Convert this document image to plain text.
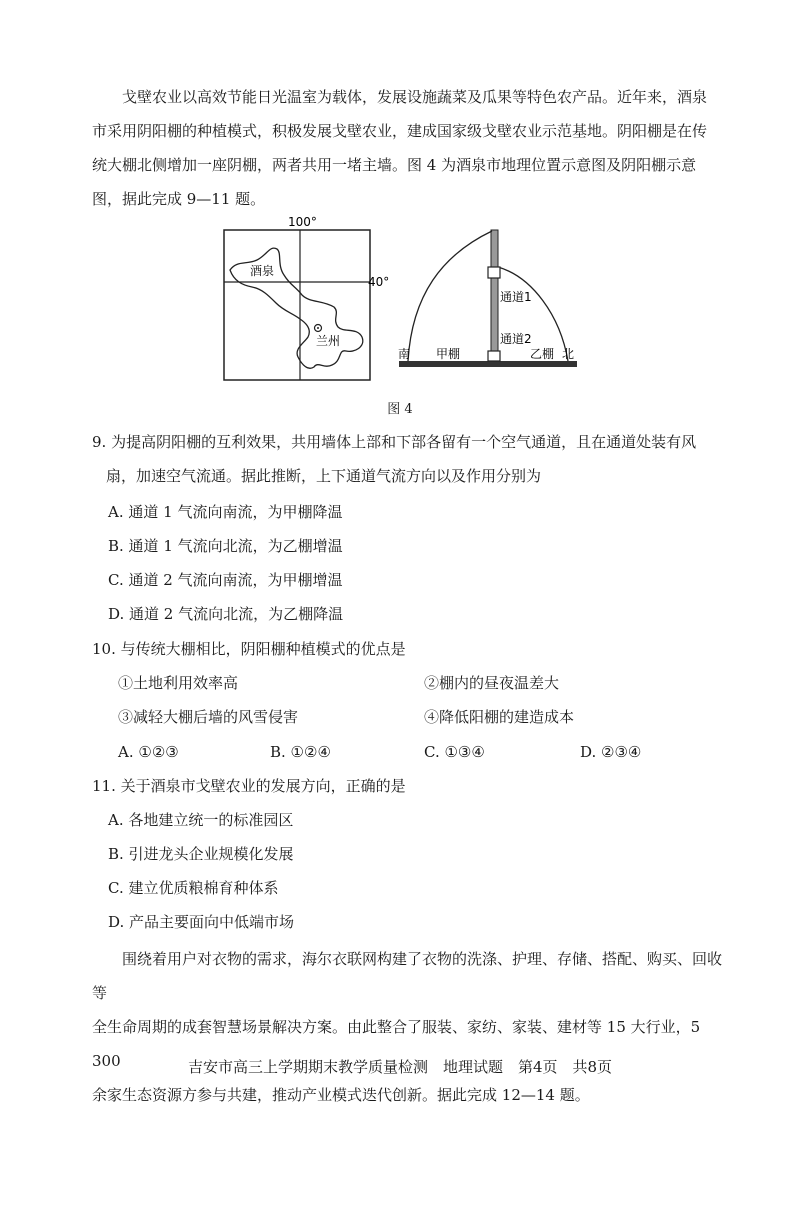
戈壁农业以高效节能日光温室为载体，发展设施蔬菜及瓜果等特色农产品。近年来，酒泉

市采用阴阳棚的种植模式，积极发展戈壁农业，建成国家级戈壁农业示范基地。阴阳棚是在传

统大棚北侧增加一座阴棚，两者共用一堵主墙。图 4 为酒泉市地理位置示意图及阴阳棚示意

图，据此完成 9—11 题。

100°
40°
酒泉
兰州
通道1
通道2
南 甲棚	乙棚 北
图 4
9. 为提高阴阳棚的互利效果，共用墙体上部和下部各留有一个空气通道，且在通道处装有风
扇，加速空气流通。据此推断，上下通道气流方向以及作用分别为
A. 通道 1 气流向南流，为甲棚降温
B. 通道 1 气流向北流，为乙棚增温
C. 通道 2 气流向南流，为甲棚增温
D. 通道 2 气流向北流，为乙棚降温
10. 与传统大棚相比，阴阳棚种植模式的优点是
①土地利用效率高	②棚内的昼夜温差大
③减轻大棚后墙的风雪侵害	④降低阳棚的建造成本
A. ①②③	B. ①②④	C. ①③④	D. ②③④
11. 关于酒泉市戈壁农业的发展方向，正确的是
A. 各地建立统一的标准园区
B. 引进龙头企业规模化发展
C. 建立优质粮棉育种体系
D. 产品主要面向中低端市场

围绕着用户对衣物的需求，海尔衣联网构建了衣物的洗涤、护理、存储、搭配、购买、回收等

全生命周期的成套智慧场景解决方案。由此整合了服装、家纺、家装、建材等 15 大行业，5 300

余家生态资源方参与共建，推动产业模式迭代创新。据此完成 12—14 题。

吉安市高三上学期期末教学质量检测　地理试题　第4页　共8页
